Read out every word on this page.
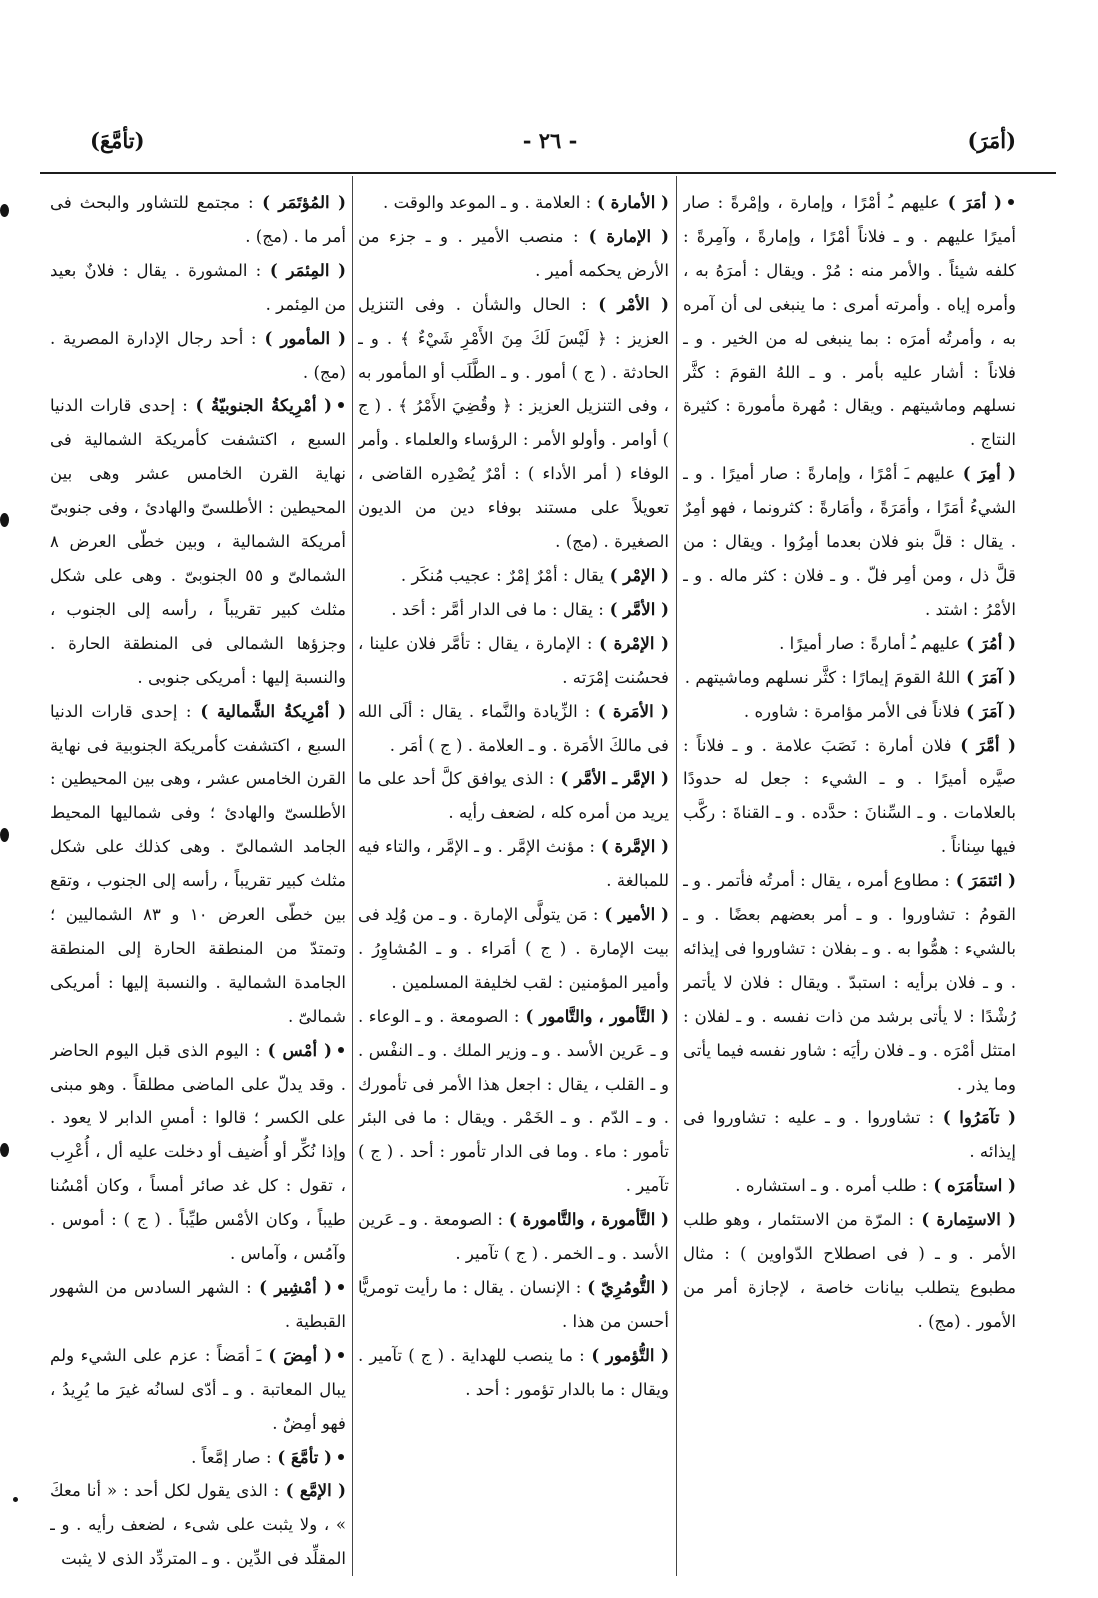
(أمَرَ)
- ٢٦ -
(تأمَّعَ)

( أمَرَ ) عليهم ـُ أمْرًا ، وإمارة ، وإمْرةً : صار أميرًا عليهم . و ـ فلاناً أمْرًا ، وإمارةً ، وآمِرةً : كلفه شيئاً . والأمر منه : مُرْ . ويقال : أمرَهُ به ، وأمره إياه . وأمرته أمرى : ما ينبغى لى أن آمره به ، وأمرتُه أمرَه : بما ينبغى له من الخير . و ـ فلاناً : أشار عليه بأمر . و ـ اللهُ القومَ : كثَّر نسلهم وماشيتهم . ويقال : مُهرة مأمورة : كثيرة النتاج .

( أمِرَ ) عليهم ـَ أمْرًا ، وإمارةً : صار أميرًا . و ـ الشيءُ أمَرًا ، وأمَرَةً ، وأمَارةً : كثرونما ، فهو أمِرٌ . يقال : قلَّ بنو فلان بعدما أمِرُوا . ويقال : من قلَّ ذل ، ومن أمِر فلّ . و ـ فلان : كثر ماله . و ـ الأمْرُ : اشتد .

( أمُرَ ) عليهم ـُ أمارةً : صار أميرًا .

( آمَرَ ) اللهُ القومَ إيمارًا : كثَّر نسلهم وماشيتهم .

( آمَرَ ) فلاناً فى الأمر مؤامرة : شاوره .

( أمَّرَ ) فلان أمارة : نَصَبَ علامة . و ـ فلاناً : صيَّره أميرًا . و ـ الشيء : جعل له حدودًا بالعلامات . و ـ السِّنانَ : حدَّده . و ـ القناةَ : ركَّب فيها سِناناً .

( ائتمَرَ ) : مطاوع أمره ، يقال : أمرتُه فأتمر . و ـ القومُ : تشاوروا . و ـ أمر بعضهم بعضًا . و ـ بالشيء : همُّوا به . و ـ بفلان : تشاوروا فى إيذائه . و ـ فلان برأيه : استبدّ . ويقال : فلان لا يأتمر رُشْدًا : لا يأتى برشد من ذات نفسه . و ـ لفلان : امتثل أمْرَه . و ـ فلان رأيَه : شاور نفسه فيما يأتى وما يذر .

( تآمَرُوا ) : تشاوروا . و ـ عليه : تشاوروا فى إيذائه .

( استأمَرَه ) : طلب أمره . و ـ استشاره .

( الاستِمارة ) : المرّة من الاستئمار ، وهو طلب الأمر . و ـ ( فى اصطلاح الدّواوين ) : مثال مطبوع يتطلب بيانات خاصة ، لإجازة أمر من الأمور . (مج) .

( الأمارة ) : العلامة . و ـ الموعد والوقت .

( الإمارة ) : منصب الأمير . و ـ جزء من الأرض يحكمه أمير .

( الأمْر ) : الحال والشأن . وفى التنزيل العزيز : ﴿ لَيْسَ لَكَ مِنَ الأَمْرِ شَيْءٌ ﴾ . و ـ الحادثة . ( ج ) أمور . و ـ الطَّلَب أو المأمور به ، وفى التنزيل العزيز : ﴿ وقُضِيَ الأَمْرُ ﴾ . ( ج ) أوامر . وأولو الأمر : الرؤساء والعلماء . وأمر الوفاء ( أمر الأداء ) : أمْرٌ يُصْدِره القاضى ، تعويلاً على مستند بوفاء دين من الديون الصغيرة . (مج) .

( الإمْر ) يقال : أمْرٌ إمْرٌ : عجيب مُنكَر .

( الأمَّر ) : يقال : ما فى الدار أمَّر : أحَد .

( الإمْرة ) : الإمارة ، يقال : تأمَّر فلان علينا ، فحسُنت إمْرَته .

( الأمَرة ) : الزِّيادة والنَّماء . يقال : ألَى الله فى مالكَ الأمَرة . و ـ العلامة . ( ج ) أمَر .

( الإمَّر ـ الأمَّر ) : الذى يوافق كلَّ أحد على ما يريد من أمره كله ، لضعف رأيه .

( الإمَّرة ) : مؤنث الإمَّر . و ـ الإمَّر ، والتاء فيه للمبالغة .

( الأمير ) : مَن يتولَّى الإمارة . و ـ من وُلِد فى بيت الإمارة . ( ج ) أمَراء . و ـ المُشاوِرُ . وأمير المؤمنين : لقب لخليفة المسلمين .

( التَّأمور ، والتَّامور ) : الصومعة . و ـ الوعاء . و ـ عَرين الأسد . و ـ وزير الملك . و ـ النفْس . و ـ القلب ، يقال : اجعل هذا الأمر فى تأمورك . و ـ الدّم . و ـ الخَمْر . ويقال : ما فى البئر تأمور : ماء . وما فى الدار تأمور : أحد . ( ج ) تآمير .

( التَّأمورة ، والتَّامورة ) : الصومعة . و ـ عَرين الأسد . و ـ الخمر . ( ج ) تآمير .

( التُّومُرِيّ ) : الإنسان . يقال : ما رأيت تومريًّا أحسن من هذا .

( التُّؤمور ) : ما ينصب للهداية . ( ج ) تآمير . ويقال : ما بالدار تؤمور : أحد .

( المُؤتَمَر ) : مجتمع للتشاور والبحث فى أمر ما . (مج) .

( المِئمَر ) : المشورة . يقال : فلانٌ بعيد من المِئمر .

( المأمور ) : أحد رجال الإدارة المصرية . (مج) .

( أمْرِيكةُ الجنوبيّةُ ) : إحدى قارات الدنيا السبع ، اكتشفت كأمريكة الشمالية فى نهاية القرن الخامس عشر وهى بين المحيطين : الأطلسىّ والهادئ ، وفى جنوبىّ أمريكة الشمالية ، وبين خطّى العرض ٨ الشمالىّ و ٥٥ الجنوبىّ . وهى على شكل مثلث كبير تقريباً ، رأسه إلى الجنوب ، وجزؤها الشمالى فى المنطقة الحارة . والنسبة إليها : أمريكى جنوبى .

( أمْرِيكةُ الشَّمالية ) : إحدى قارات الدنيا السبع ، اكتشفت كأمريكة الجنوبية فى نهاية القرن الخامس عشر ، وهى بين المحيطين : الأطلسىّ والهادئ ؛ وفى شماليها المحيط الجامد الشمالىّ . وهى كذلك على شكل مثلث كبير تقريباً ، رأسه إلى الجنوب ، وتقع بين خطّى العرض ١٠ و ٨٣ الشماليين ؛ وتمتدّ من المنطقة الحارة إلى المنطقة الجامدة الشمالية . والنسبة إليها : أمريكى شمالىّ .

( أمْس ) : اليوم الذى قبل اليوم الحاضر . وقد يدلّ على الماضى مطلقاً . وهو مبنى على الكسر ؛ قالوا : أمسِ الدابر لا يعود . وإذا نُكِّر أو أُضيف أو دخلت عليه أل ، أُعْرِب ، تقول : كل غد صائر أمساً ، وكان أمْسُنا طيباً ، وكان الأمْس طيِّباً . ( ج ) : أموس . وآمُس ، وآماس .

( أمْشِير ) : الشهر السادس من الشهور القبطية .

( أمِضَ ) ـَ أمَضاً : عزم على الشيء ولم يبال المعاتبة . و ـ أدّى لسانُه غيرَ ما يُرِيدُ ، فهو أمِضٌ .

( تأمَّعَ ) : صار إمَّعاً .

( الإمَّع ) : الذى يقول لكل أحد : « أنا معكَ » ، ولا يثبت على شىء ، لضعف رأيه . و ـ المقلِّد فى الدِّين . و ـ المتردِّد الذى لا يثبت
